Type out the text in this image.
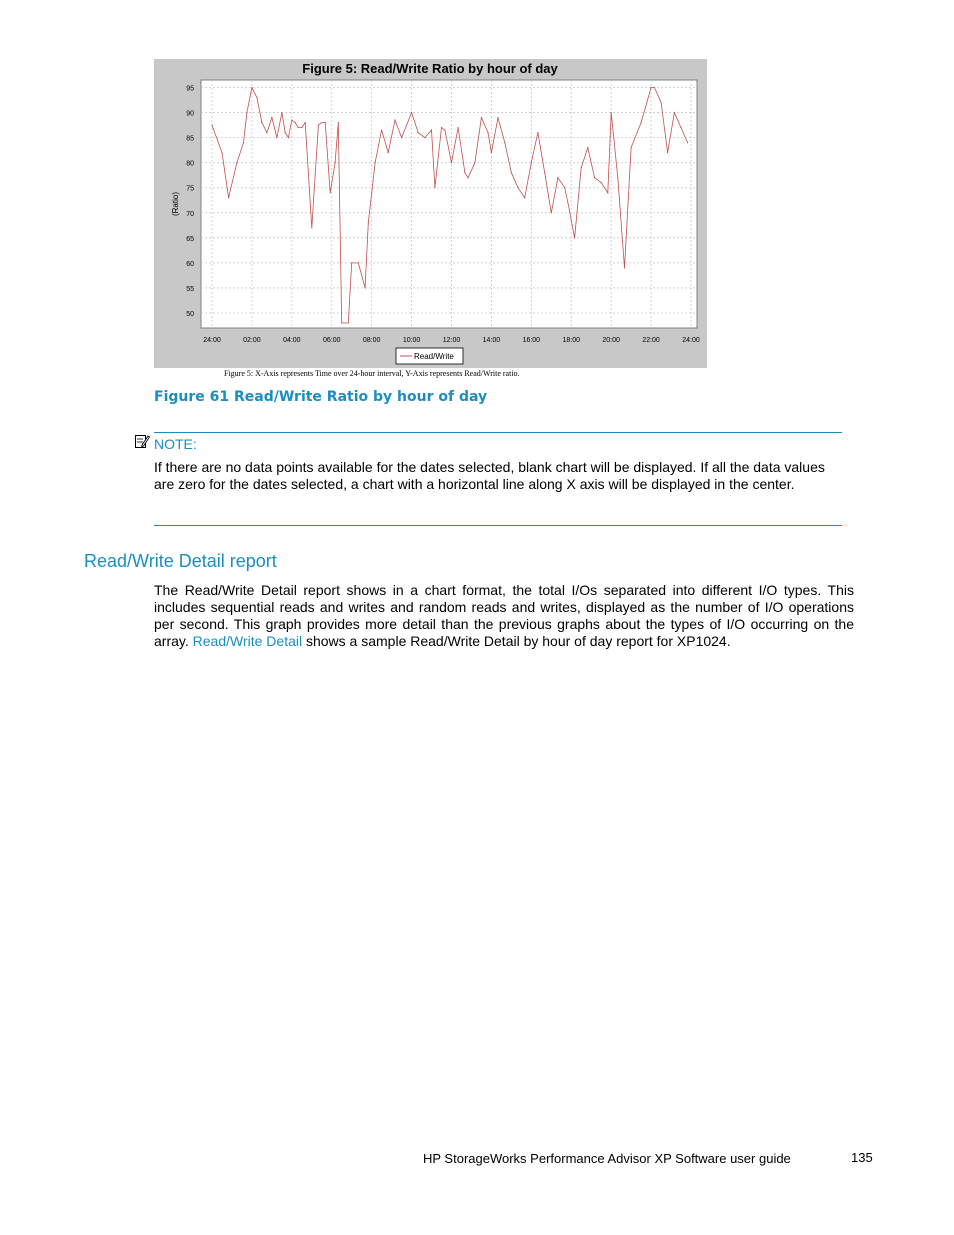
Figure 5: Read/Write Ratio by hour of day
50
55
60
65
70
75
80
85
90
95
24:00	02:00	04:00	06:00	08:00	10:00	12:00	14:00	16:00	18:00	20:00	22:00	24:00
(Ratio)
Read/Write
Figure 5: X-Axis represents Time over 24-hour interval, Y-Axis represents Read/Write ratio.
Figure 61 Read/Write Ratio by hour of day
NOTE:
If there are no data points available for the dates selected, blank chart will be displayed. If all the data values are zero for the dates selected, a chart with a horizontal line along X axis will be displayed in the center.
Read/Write Detail report
The Read/Write Detail report shows in a chart format, the total I/Os separated into different I/O types. This includes sequential reads and writes and random reads and writes, displayed as the number of I/O operations per second. This graph provides more detail than the previous graphs about the types of I/O occurring on the array. Read/Write Detail shows a sample Read/Write Detail by hour of day report for XP1024.
HP StorageWorks Performance Advisor XP Software user guide	135
